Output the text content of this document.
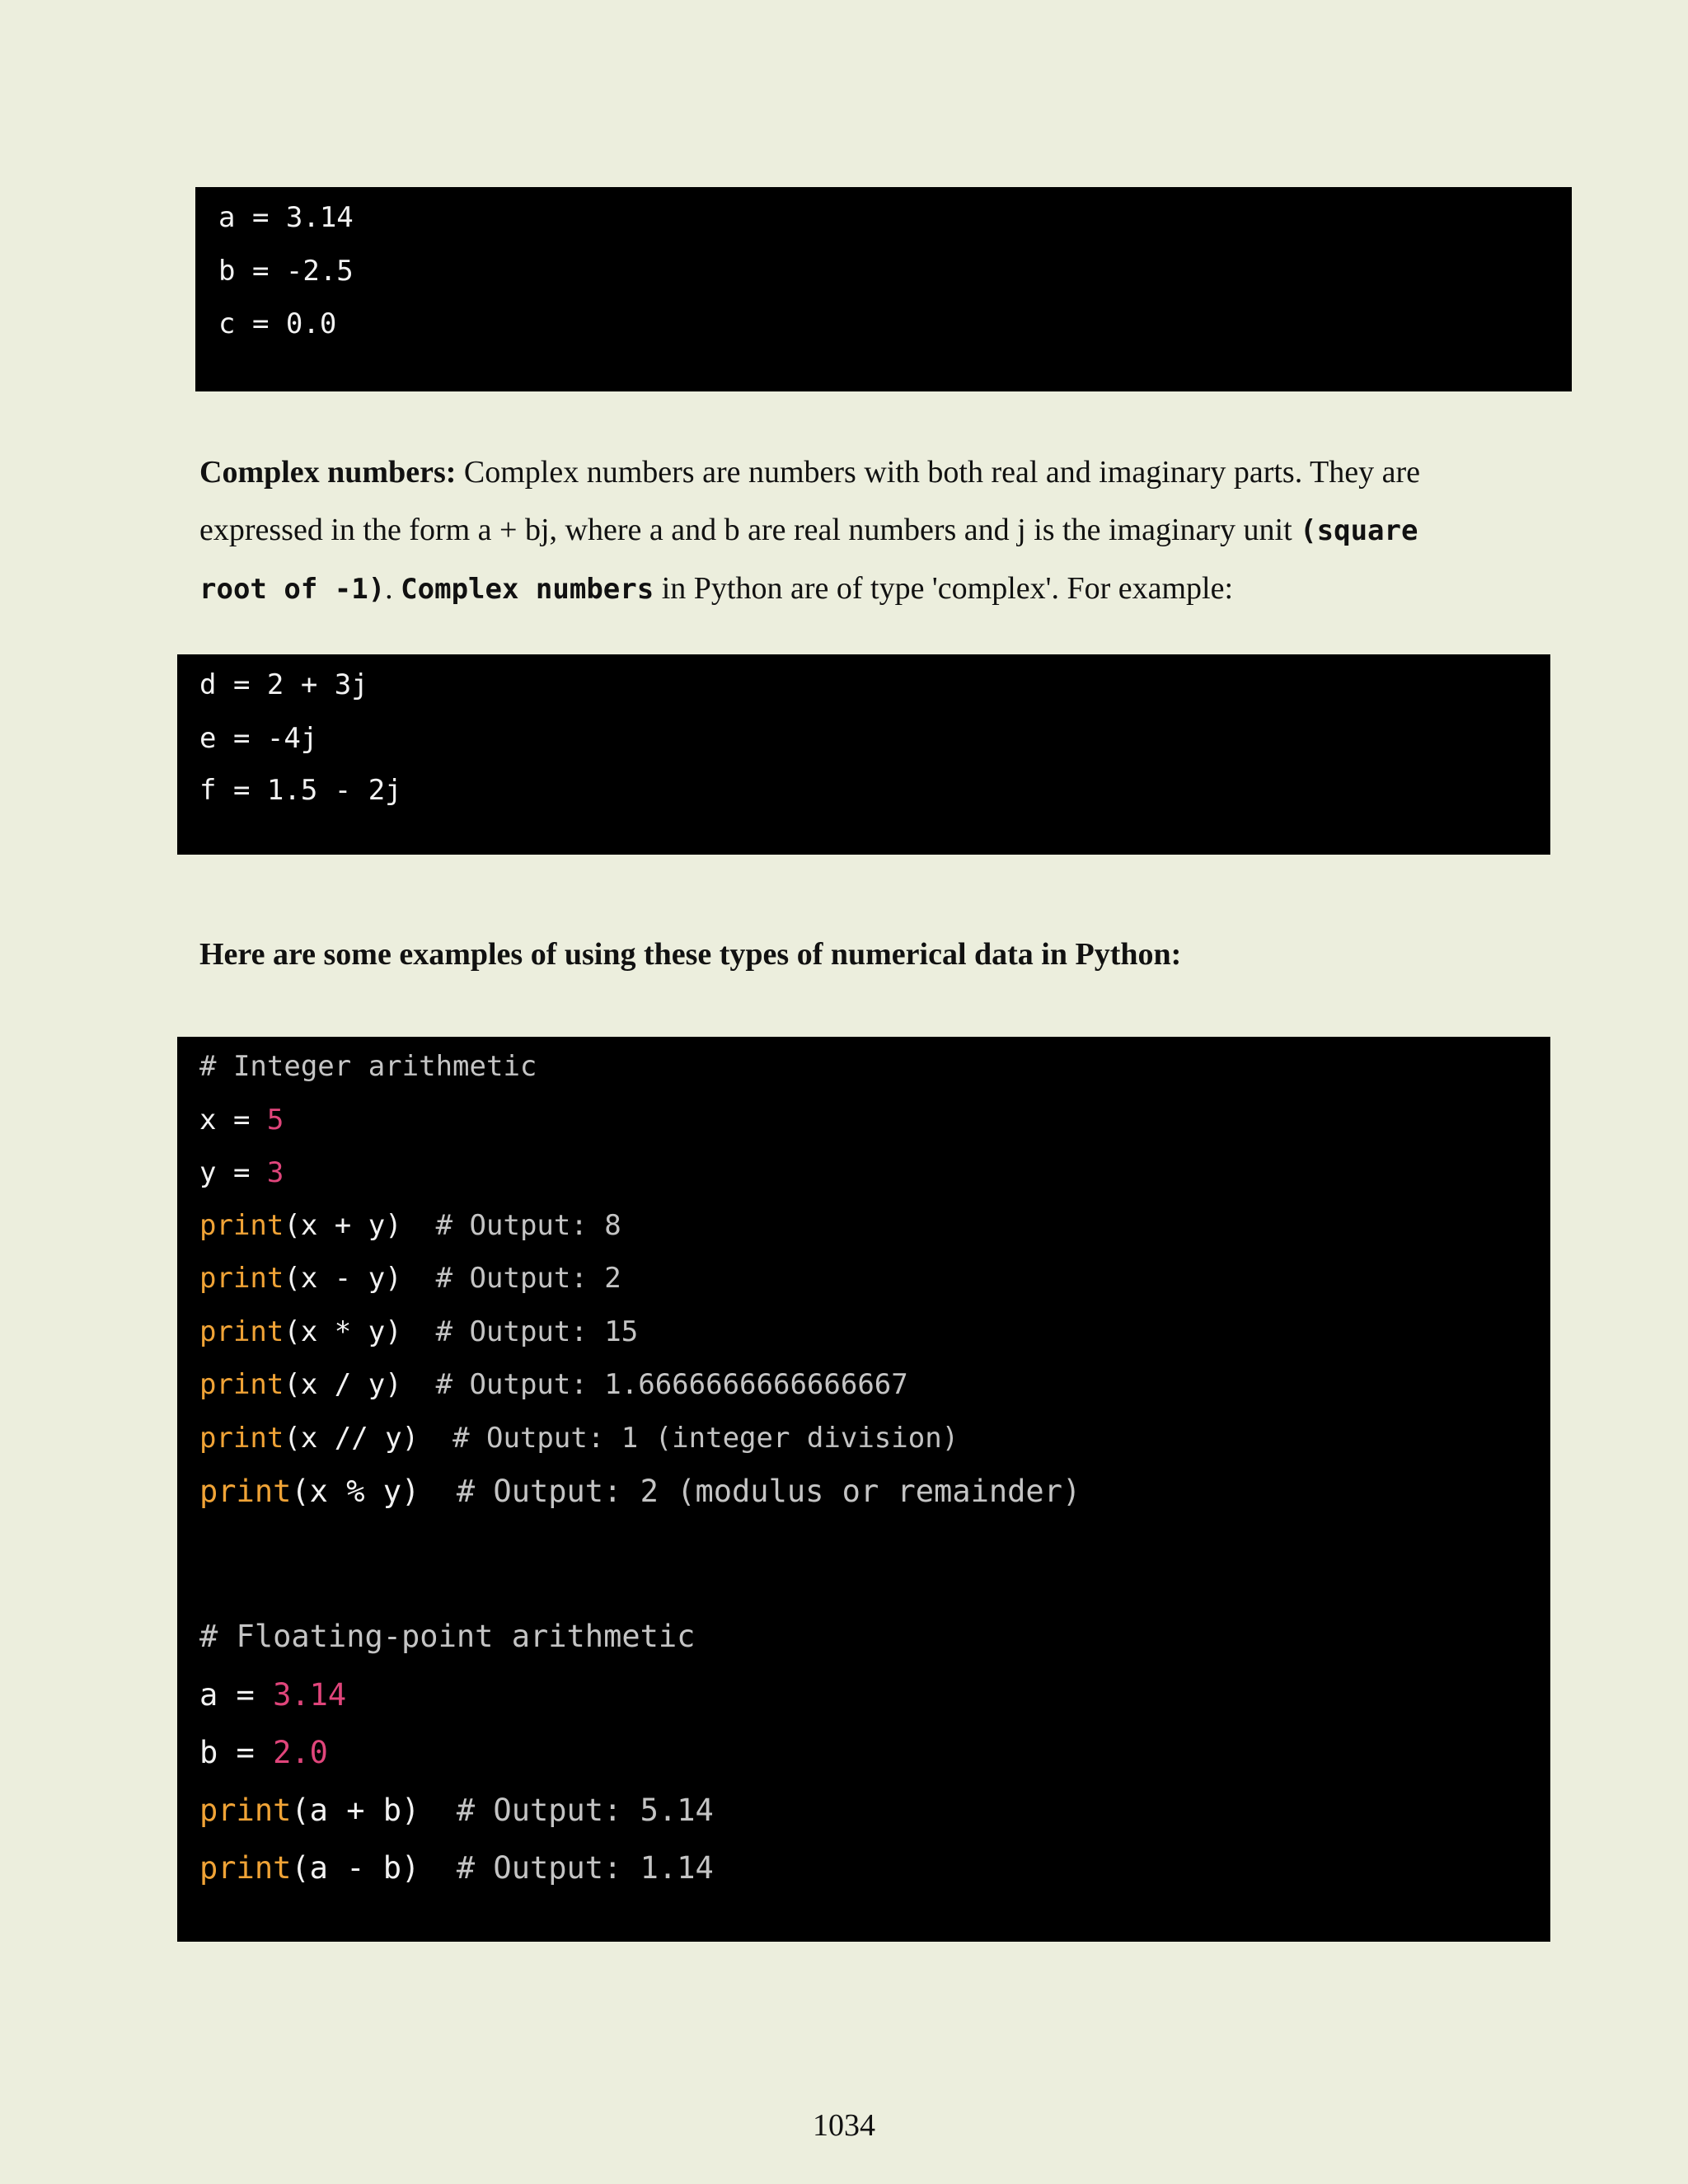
a = 3.14
b = -2.5
c = 0.0

Complex numbers: Complex numbers are numbers with both real and imaginary parts. They are expressed in the form a + bj, where a and b are real numbers and j is the imaginary unit (square root of -1). Complex numbers in Python are of type 'complex'. For example:

d = 2 + 3j
e = -4j
f = 1.5 - 2j

Here are some examples of using these types of numerical data in Python:

# Integer arithmetic
x = 5
y = 3
print(x + y)  # Output: 8
print(x - y)  # Output: 2
print(x * y)  # Output: 15
print(x / y)  # Output: 1.6666666666666667
print(x // y)  # Output: 1 (integer division)
print(x % y)  # Output: 2 (modulus or remainder)
# Floating-point arithmetic
a = 3.14
b = 2.0
print(a + b)  # Output: 5.14
print(a - b)  # Output: 1.14
1034
